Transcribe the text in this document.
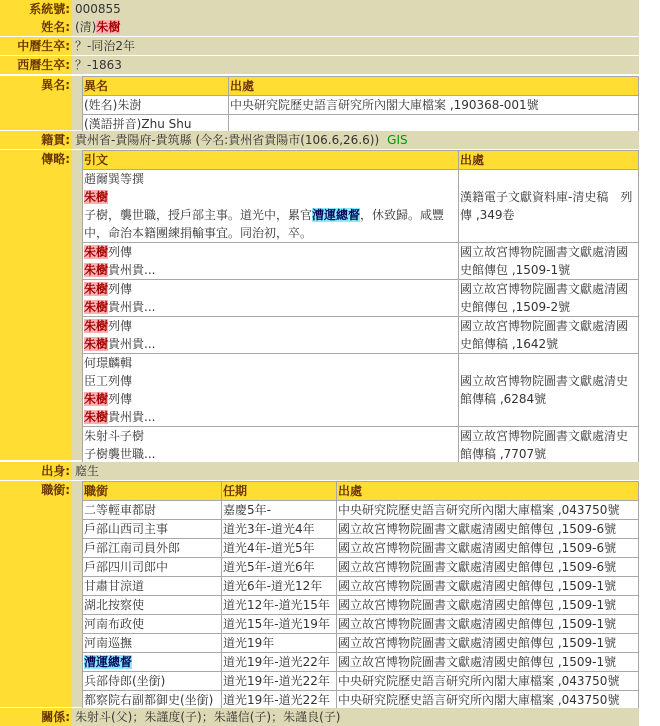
系統號: 000855
姓名: (清)朱樹
中曆生卒: ？-同治2年
西曆生卒: ？-1863
異名: 異名	出處
(姓名)朱澍	中央研究院歷史語言研究所內閣大庫檔案 ,190368-001號
(漢語拼音)Zhu Shu	
籍貫: 貴州省-貴陽府-貴筑縣 (今名:貴州省貴陽市(106.6,26.6)) GIS
傳略: 引文	出處

趙爾巽等撰
朱樹
子樹，襲世職，授戶部主事。道光中，累官漕運總督，休致歸。咸豐中，命治本籍團練捐輸事宜。同治初，卒。	漢籍電子文獻資料庫-清史稿　列傳 ,349卷

朱樹列傳
朱樹貴州貴...	國立故宮博物院圖書文獻處清國史館傳包 ,1509-1號

朱樹列傳
朱樹貴州貴...	國立故宮博物院圖書文獻處清國史館傳包 ,1509-2號

朱樹列傳
朱樹貴州貴...	國立故宮博物院圖書文獻處清國史館傳稿 ,1642號

何璟麟輯
臣工列傳
朱樹列傳
朱樹貴州貴...	國立故宮博物院圖書文獻處清史館傳稿 ,6284號

朱射斗子樹
子樹襲世職...	國立故宮博物院圖書文獻處清史館傳稿 ,7707號
出身: 廕生
職銜: 職銜	任期	出處
二等輕車都尉	嘉慶5年-	中央研究院歷史語言研究所內閣大庫檔案 ,043750號
戶部山西司主事	道光3年-道光4年	國立故宮博物院圖書文獻處清國史館傳包 ,1509-6號
戶部江南司員外郎	道光4年-道光5年	國立故宮博物院圖書文獻處清國史館傳包 ,1509-6號
戶部四川司郎中	道光5年-道光6年	國立故宮博物院圖書文獻處清國史館傳包 ,1509-6號
甘肅甘涼道	道光6年-道光12年	國立故宮博物院圖書文獻處清國史館傳包 ,1509-1號
湖北按察使	道光12年-道光15年	國立故宮博物院圖書文獻處清國史館傳包 ,1509-1號
河南布政使	道光15年-道光19年	國立故宮博物院圖書文獻處清國史館傳包 ,1509-1號
河南巡撫	道光19年	國立故宮博物院圖書文獻處清國史館傳包 ,1509-1號
漕運總督	道光19年-道光22年	國立故宮博物院圖書文獻處清國史館傳包 ,1509-1號
兵部侍郎(坐銜)	道光19年-道光22年	中央研究院歷史語言研究所內閣大庫檔案 ,043750號
都察院右副都御史(坐銜)	道光19年-道光22年	中央研究院歷史語言研究所內閣大庫檔案 ,043750號
關係: 朱射斗(父)；朱謹度(子)；朱謹信(子)；朱謹良(子)
